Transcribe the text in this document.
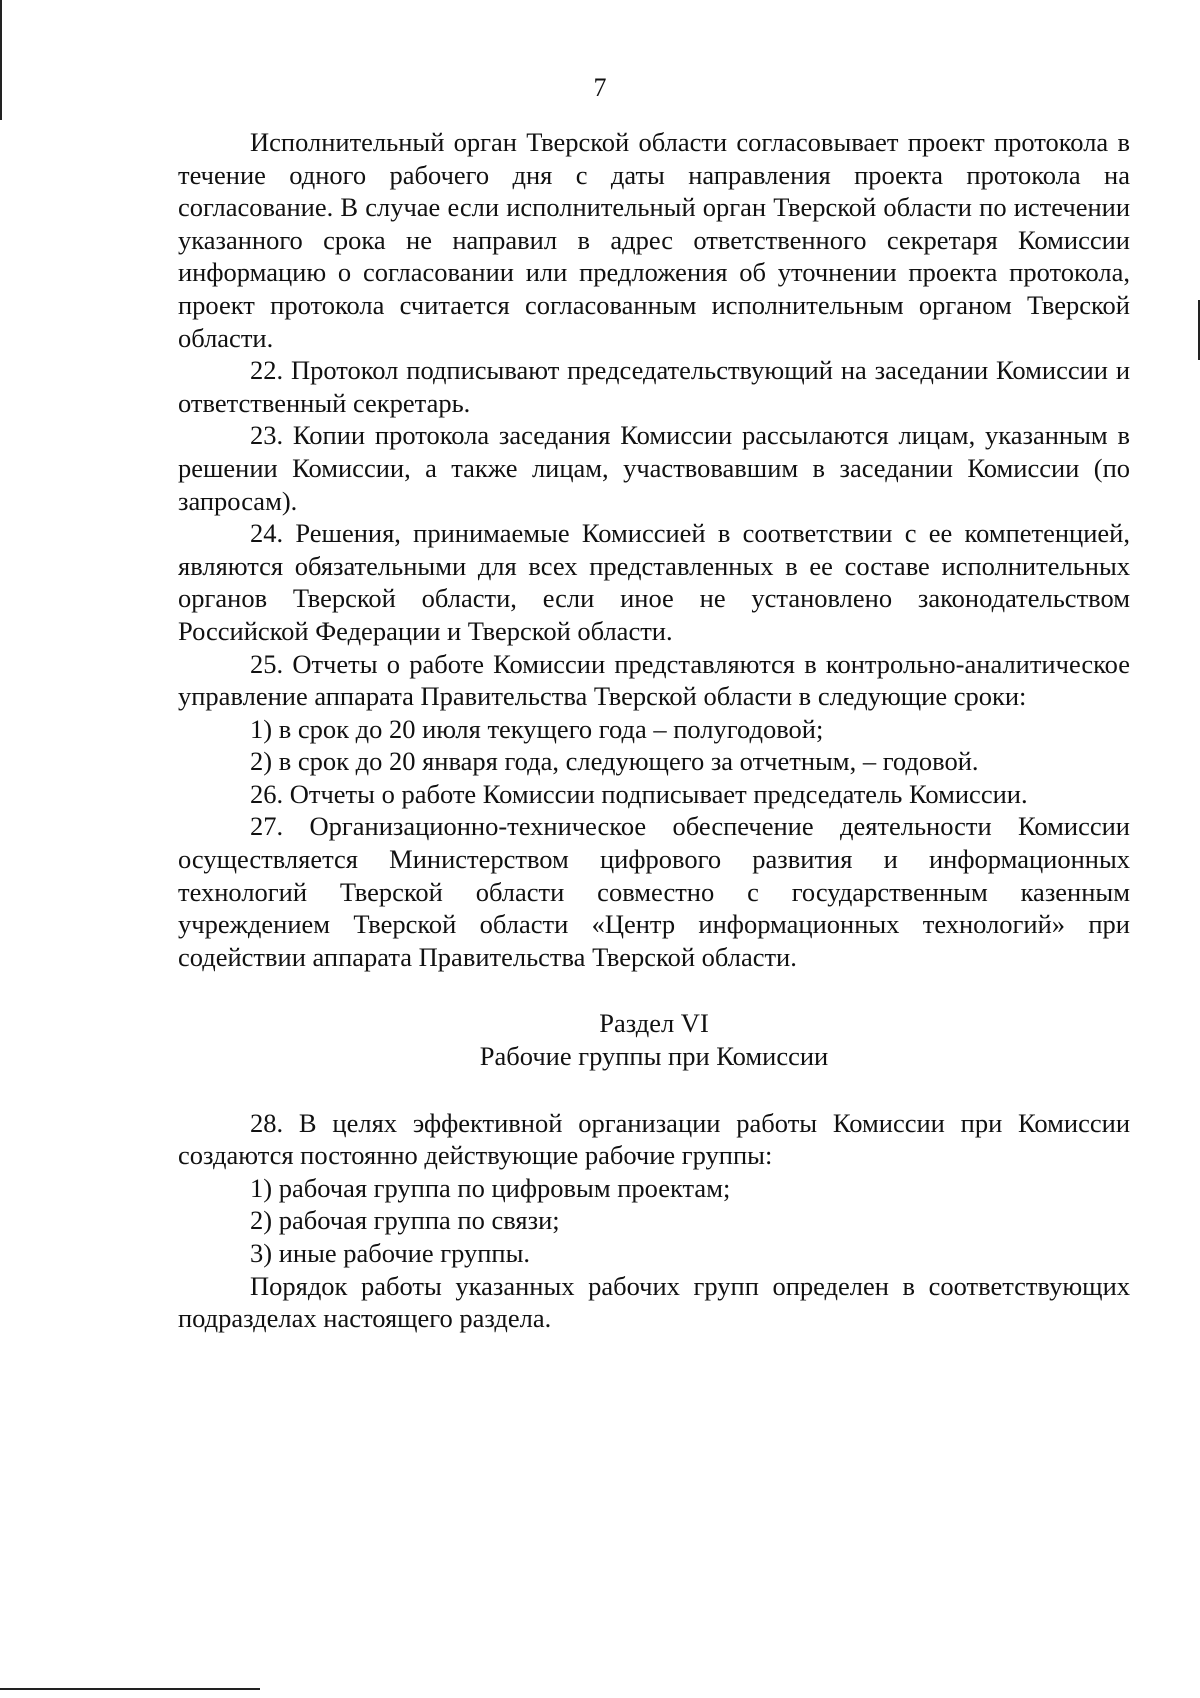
7

Исполнительный орган Тверской области согласовывает проект протокола в течение одного рабочего дня с даты направления проекта протокола на согласование. В случае если исполнительный орган Тверской области по истечении указанного срока не направил в адрес ответственного секретаря Комиссии информацию о согласовании или предложения об уточнении проекта протокола, проект протокола считается согласованным исполнительным органом Тверской области.

22. Протокол подписывают председательствующий на заседании Комиссии и ответственный секретарь.

23. Копии протокола заседания Комиссии рассылаются лицам, указанным в решении Комиссии, а также лицам, участвовавшим в заседании Комиссии (по запросам).

24. Решения, принимаемые Комиссией в соответствии с ее компетенцией, являются обязательными для всех представленных в ее составе исполнительных органов Тверской области, если иное не установлено законодательством Российской Федерации и Тверской области.

25. Отчеты о работе Комиссии представляются в контрольно-аналитическое управление аппарата Правительства Тверской области в следующие сроки:

1) в срок до 20 июля текущего года – полугодовой;

2) в срок до 20 января года, следующего за отчетным, – годовой.

26. Отчеты о работе Комиссии подписывает председатель Комиссии.

27. Организационно-техническое обеспечение деятельности Комиссии осуществляется Министерством цифрового развития и информационных технологий Тверской области совместно с государственным казенным учреждением Тверской области «Центр информационных технологий» при содействии аппарата Правительства Тверской области.

Раздел VI

Рабочие группы при Комиссии

28. В целях эффективной организации работы Комиссии при Комиссии создаются постоянно действующие рабочие группы:

1) рабочая группа по цифровым проектам;

2) рабочая группа по связи;

3) иные рабочие группы.

Порядок работы указанных рабочих групп определен в соответствующих подразделах настоящего раздела.
